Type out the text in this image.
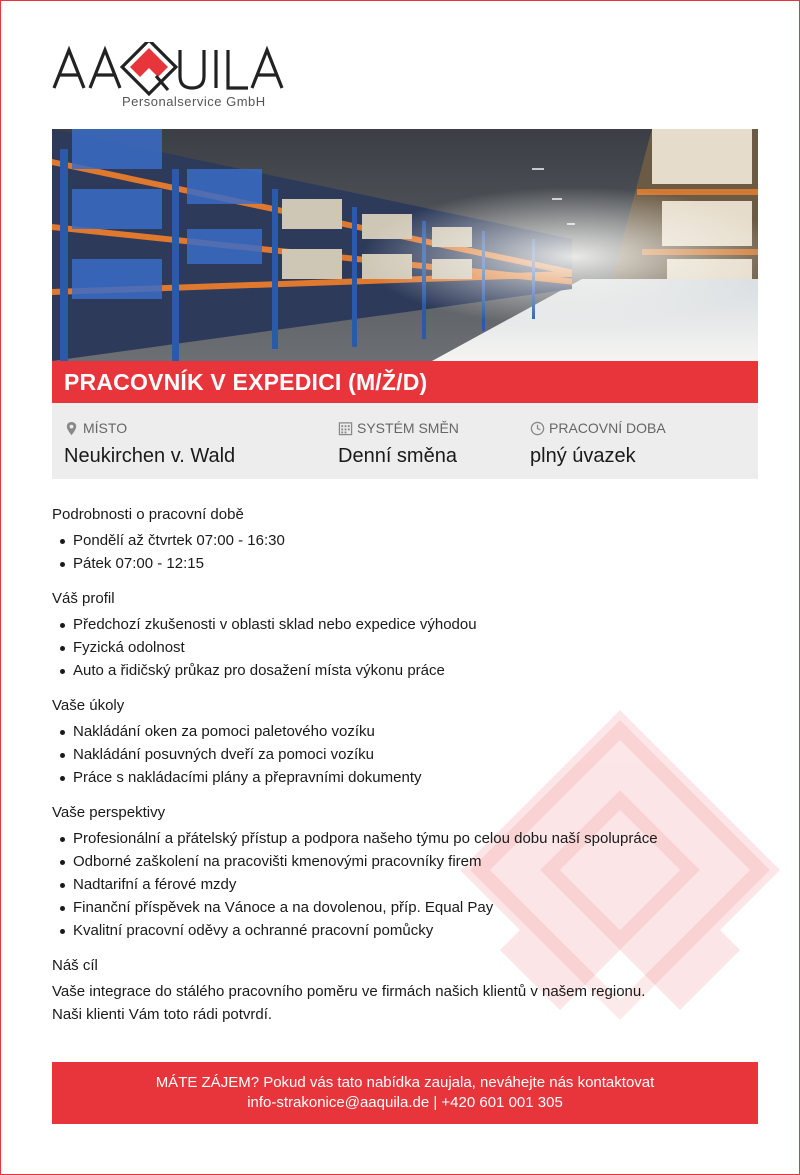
Personalservice GmbH
PRACOVNÍK V EXPEDICI (M/Ž/D)
MÍSTO
Neukirchen v. Wald
SYSTÉM SMĚN
Denní směna
PRACOVNÍ DOBA
plný úvazek
Podrobnosti o pracovní době
Pondělí až čtvrtek 07:00 - 16:30
Pátek 07:00 - 12:15
Váš profil
Předchozí zkušenosti v oblasti sklad nebo expedice výhodou
Fyzická odolnost
Auto a řidičský průkaz pro dosažení místa výkonu práce
Vaše úkoly
Nakládání oken za pomoci paletového vozíku
Nakládání posuvných dveří za pomoci vozíku
Práce s nakládacími plány a přepravními dokumenty
Vaše perspektivy
Profesionální a přátelský přístup a podpora našeho týmu po celou dobu naší spolupráce
Odborné zaškolení na pracovišti kmenovými pracovníky firem
Nadtarifní a férové mzdy
Finanční příspěvek na Vánoce a na dovolenou, příp. Equal Pay
Kvalitní pracovní oděvy a ochranné pracovní pomůcky
Náš cíl

Vaše integrace do stálého pracovního poměru ve firmách našich klientů v našem regionu.

Naši klienti Vám toto rádi potvrdí.

MÁTE ZÁJEM? Pokud vás tato nabídka zaujala, neváhejte nás kontaktovat
info-strakonice@aaquila.de | +420 601 001 305
